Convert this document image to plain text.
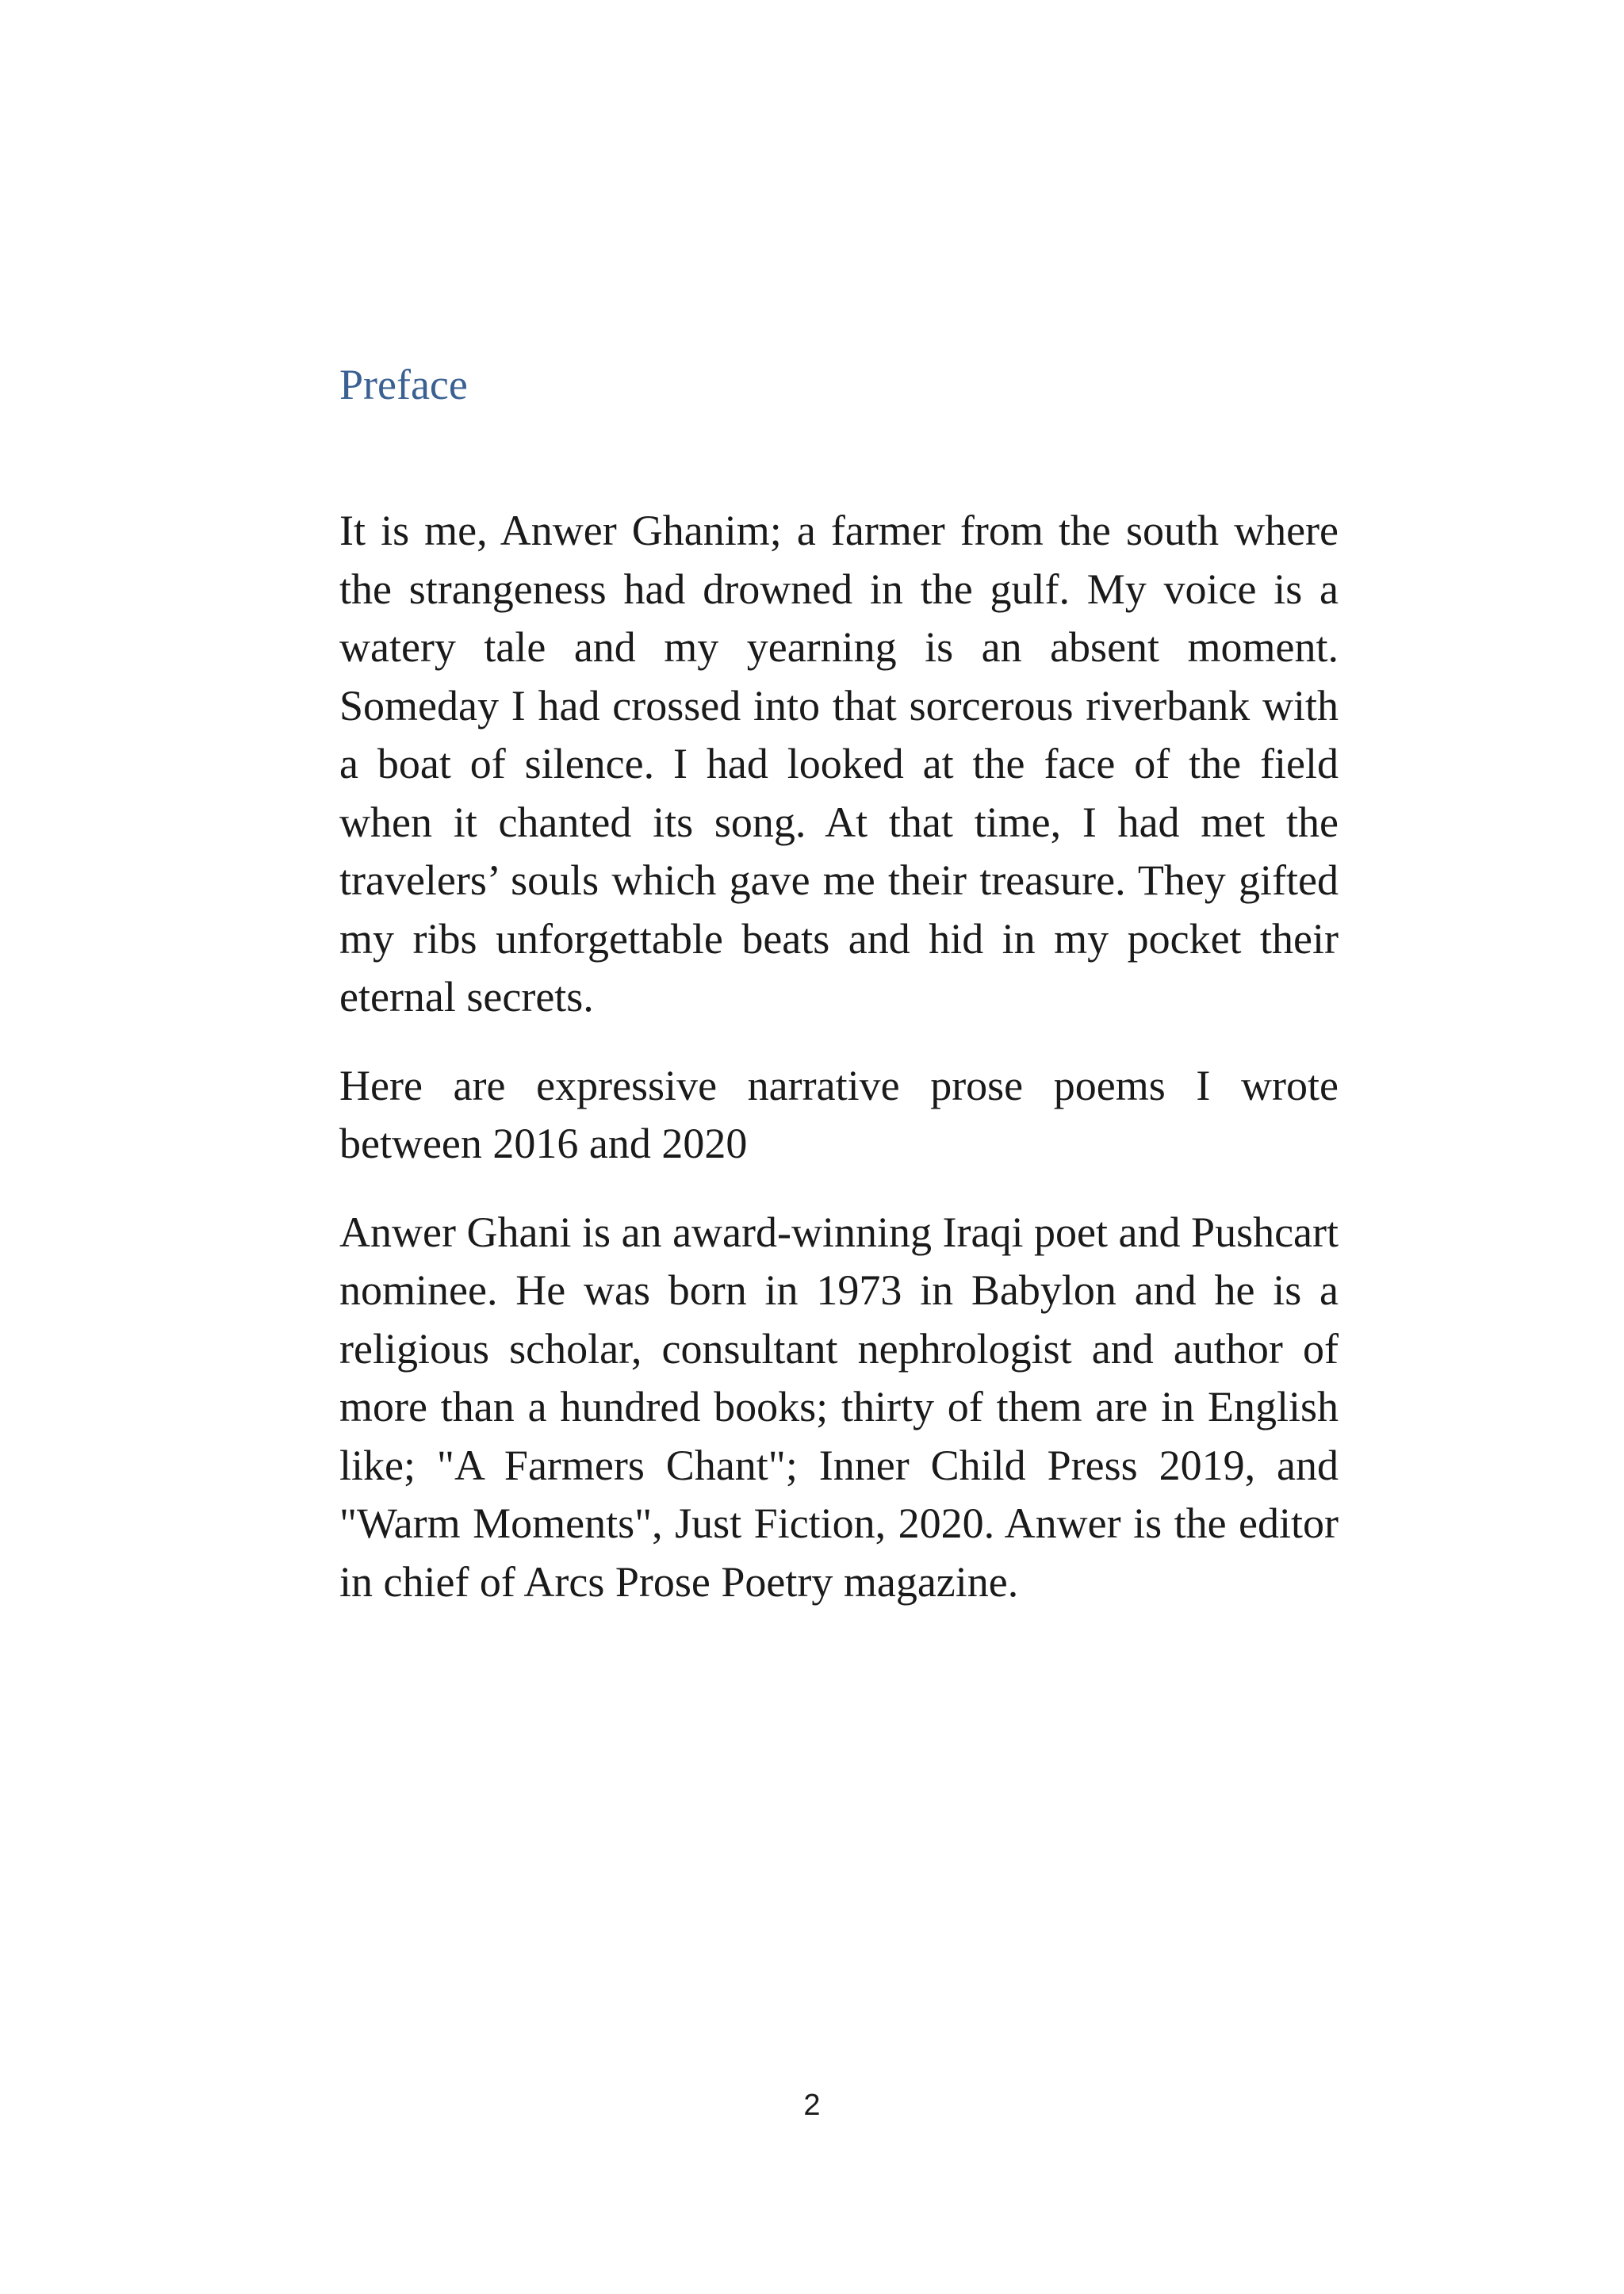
Preface

It is me, Anwer Ghanim; a farmer from the south where the strangeness had drowned in the gulf. My voice is a watery tale and my yearning is an absent moment. Someday I had crossed into that sorcerous riverbank with a boat of silence. I had looked at the face of the field when it chanted its song. At that time, I had met the travelers’ souls which gave me their treasure. They gifted my ribs unforgettable beats and hid in my pocket their eternal secrets.

Here are expressive narrative prose poems I wrote between 2016 and 2020

Anwer Ghani is an award-winning Iraqi poet and Pushcart nominee. He was born in 1973 in Babylon and he is a religious scholar, consultant nephrologist and author of more than a hundred books; thirty of them are in English like; "A Farmers Chant"; Inner Child Press 2019, and "Warm Moments", Just Fiction, 2020. Anwer is the editor in chief of Arcs Prose Poetry magazine.

2
